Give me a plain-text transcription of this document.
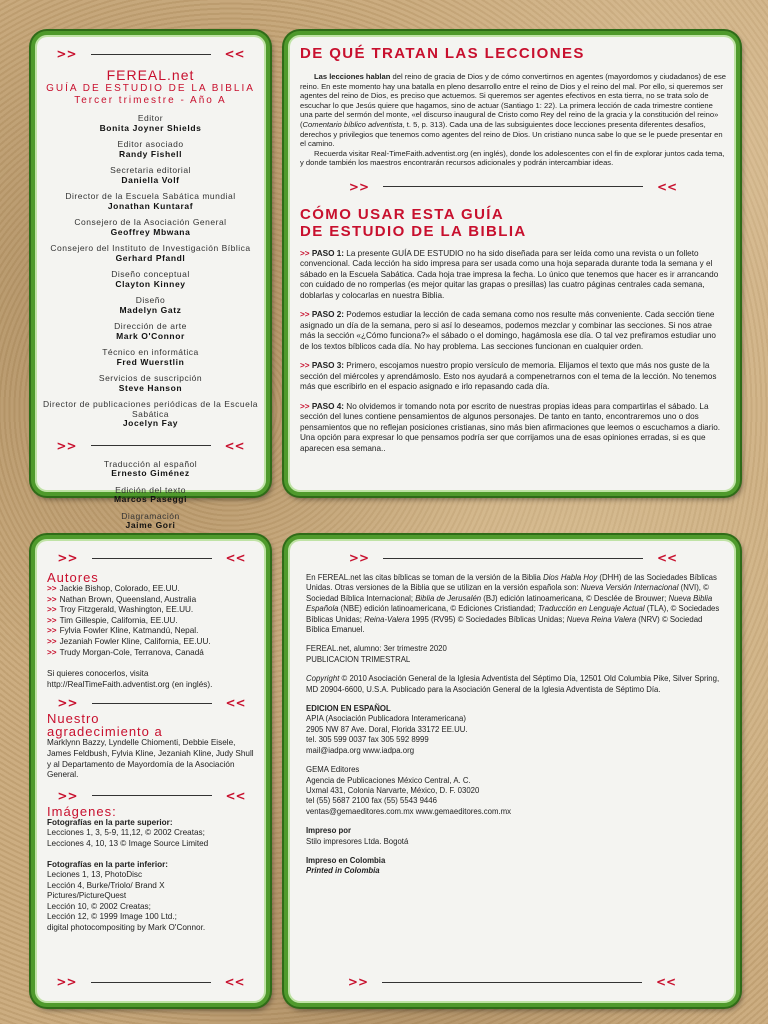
>>	<<
FEREAL.net
GUÍA DE ESTUDIO DE LA BIBLIA
Tercer trimestre - Año A
Editor
Bonita Joyner Shields
Editor asociado
Randy Fishell
Secretaria editorial
Daniella Volf
Director de la Escuela Sabática mundial
Jonathan Kuntaraf
Consejero de la Asociación General
Geoffrey Mbwana
Consejero del Instituto de Investigación Bíblica
Gerhard Pfandl
Diseño conceptual
Clayton Kinney
Diseño
Madelyn Gatz
Dirección de arte
Mark O'Connor
Técnico en informática
Fred Wuerstlin
Servicios de suscripción
Steve Hanson
Director de publicaciones periódicas de la Escuela Sabática
Jocelyn Fay
>>	<<
Traducción al español
Ernesto Giménez
Edición del texto
Marcos Paseggi
Diagramación
Jaime Gori
DE QUÉ TRATAN LAS LECCIONES

Las lecciones hablan del reino de gracia de Dios y de cómo convertirnos en agentes (mayordomos y ciudadanos) de ese reino. En este momento hay una batalla en pleno desarrollo entre el reino de Dios y el reino del mal. Por ello, si queremos ser agentes del reino de Dios, es preciso que actuemos. Si queremos ser agentes efectivos en esta tierra, no se trata solo de escuchar lo que Jesús quiere que hagamos, sino de actuar (Santiago 1: 22). La primera lección de cada trimestre contiene una parte del sermón del monte, «el discurso inaugural de Cristo como Rey del reino de la gracia y la constitución del reino» (Comentario bíblico adventista, t. 5, p. 313). Cada una de las subsiguientes doce lecciones presenta diferentes desafíos, derechos y privilegios que tenemos como agentes del reino de Dios. Un cristiano nunca sabe lo que se le puede presentar en el camino.

Recuerda visitar Real-TimeFaith.adventist.org (en inglés), donde los adolescentes con el fin de explorar juntos cada tema, y donde también los maestros encontrarán recursos adicionales y podrán intercambiar ideas.

>>	<<
CÓMO USAR ESTA GUÍA
DE ESTUDIO DE LA BIBLIA

>> PASO 1: La presente GUÍA DE ESTUDIO no ha sido diseñada para ser leída como una revista o un folleto convencional. Cada lección ha sido impresa para ser usada como una hoja separada durante toda la semana y el sábado en la Escuela Sabática. Cada hoja trae impresa la fecha. Lo único que tenemos que hacer es ir arrancando con cuidado de no romperlas (es mejor quitar las grapas o presillas) las cuatro páginas centrales cada semana, doblarlas y colocarlas en nuestra Biblia.

>> PASO 2: Podemos estudiar la lección de cada semana como nos resulte más conveniente. Cada sección tiene asignado un día de la semana, pero si así lo deseamos, podemos mezclar y combinar las secciones. Si nos atrae más la sección «¿Cómo funciona?» el sábado o el domingo, hagámosla ese día. O tal vez prefiramos estudiar uno de los textos bíblicos cada día. No hay problema. Las secciones funcionan en cualquier orden.

>> PASO 3: Primero, escojamos nuestro propio versículo de memoria. Elijamos el texto que más nos guste de la sección del miércoles y aprendámoslo. Esto nos ayudará a compenetrarnos con el tema de la lección. No tenemos más que escribirlo en el espacio asignado e irlo repasando cada día.

>> PASO 4: No olvidemos ir tomando nota por escrito de nuestras propias ideas para compartirlas el sábado. La sección del lunes contiene pensamientos de algunos personajes. De tanto en tanto, encontraremos uno o dos pensamientos que no reflejan posiciones cristianas, sino más bien afirmaciones que leemos o escuchamos a diario. Una opción para expresar lo que pensamos podría ser que corrijamos una de esas opiniones erradas, si es que aparecen esa semana..

>>	<<
Autores
>> Jackie Bishop, Colorado, EE.UU.
>> Nathan Brown, Queensland, Australia
>> Troy Fitzgerald, Washington, EE.UU.
>> Tim Gillespie, California, EE.UU.
>> Fylvia Fowler Kline, Katmandú, Nepal.
>> Jezaniah Fowler Kline, California, EE.UU.
>> Trudy Morgan-Cole, Terranova, Canadá
Si quieres conocerlos, visita
http://RealTimeFaith.adventist.org (en inglés).
>>	<<
Nuestro
agradecimiento a
Marklynn Bazzy, Lyndelle Chiomenti, Debbie Eisele, James Feldbush, Fylvia Kline, Jezaniah Kline, Judy Shull y al Departamento de Mayordomía de la Asociación General.
>>	<<
Imágenes:
Fotografías en la parte superior:
Lecciones 1, 3, 5-9, 11,12, © 2002 Creatas;
Lecciones 4, 10, 13 © Image Source Limited
Fotografías en la parte inferior:
Leciones 1, 13, PhotoDisc
Lección 4, Burke/Triolo/ Brand X
Pictures/PictureQuest
Lección 10, © 2002 Creatas;
Lección 12, © 1999 Image 100 Ltd.;
digital photocompositing by Mark O'Connor.
>>	<<
>>	<<

En FEREAL.net las citas bíblicas se toman de la versión de la Biblia Dios Habla Hoy (DHH) de las Sociedades Bíblicas Unidas. Otras versiones de la Biblia que se utilizan en la versión española son: Nueva Versión Internacional (NVI), © Sociedad Bíblica Internacional; Biblia de Jerusalén (BJ) edición latinoamericana, © Desclée de Brouwer; Nueva Biblia Española (NBE) edición latinoamericana, © Ediciones Cristiandad; Traducción en Lenguaje Actual (TLA), © Sociedades Bíblicas Unidas; Reina-Valera 1995 (RV95) © Sociedades Bíblicas Unidas; Nueva Reina Valera (NRV) © Sociedad Bíblica Emanuel.

FEREAL.net, alumno: 3er trimestre 2020
PUBLICACION TRIMESTRAL

Copyright © 2010 Asociación General de la Iglesia Adventista del Séptimo Día, 12501 Old Columbia Pike, Silver Spring, MD 20904-6600, U.S.A. Publicado para la Asociación General de la Iglesia Adventista de Séptimo Día.

EDICION EN ESPAÑOL
APIA (Asociación Publicadora Interamericana)
2905 NW 87 Ave. Doral, Florida 33172 EE.UU.
tel. 305 599 0037 fax 305 592 8999
mail@iadpa.org www.iadpa.org
GEMA Editores
Agencia de Publicaciones México Central, A. C.
Uxmal 431, Colonia Narvarte, México, D. F. 03020
tel (55) 5687 2100 fax (55) 5543 9446
ventas@gemaeditores.com.mx www.gemaeditores.com.mx
Impreso por
Stilo impresores Ltda. Bogotá
Impreso en Colombia
Printed in Colombia
>>	<<
